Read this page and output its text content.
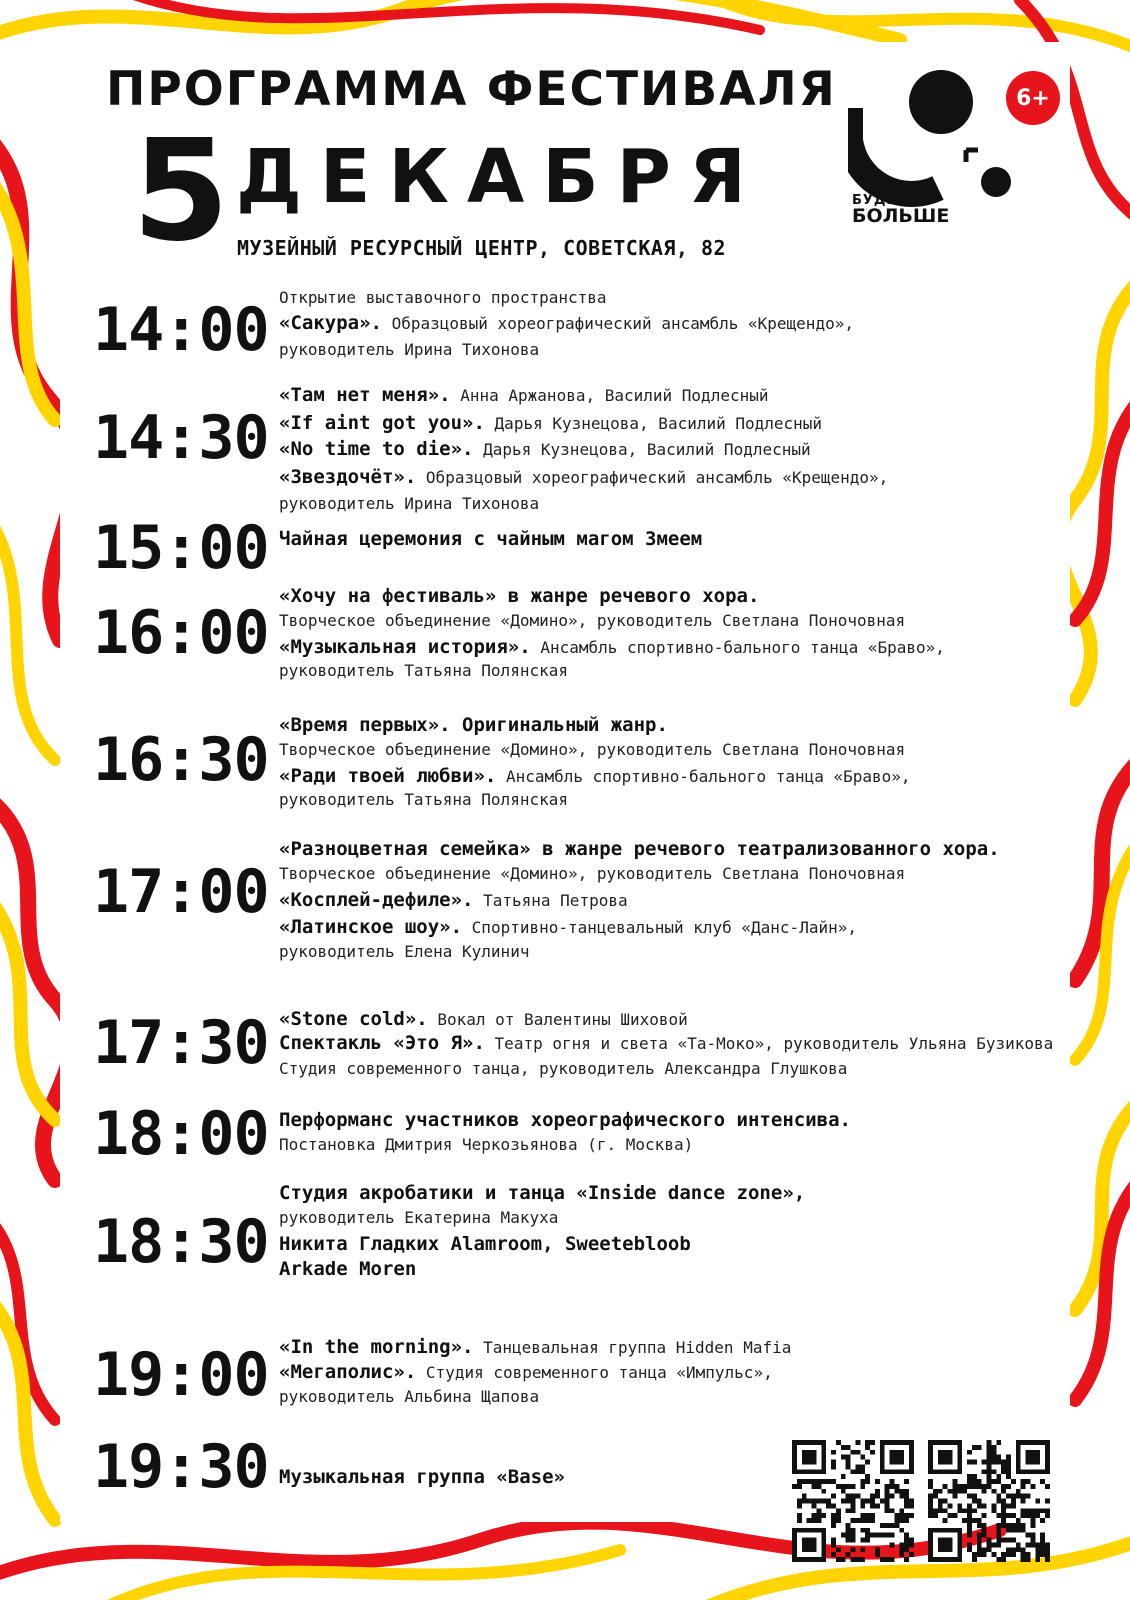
ПРОГРАММА ФЕСТИВАЛЯ
5 ДЕКАБРЯ
МУЗЕЙНЫЙ РЕСУРСНЫЙ ЦЕНТР, СОВЕТСКАЯ, 82
6+
БУДЬ
БОЛЬШЕ
14:00 Открытие выставочного пространства

«Сакура». Образцовый хореографический ансамбль «Крещендо»,

руководитель Ирина Тихонова

14:30

«Там нет меня». Анна Аржанова, Василий Подлесный

«If aint got you». Дарья Кузнецова, Василий Подлесный

«No time to die». Дарья Кузнецова, Василий Подлесный

«Звездочёт». Образцовый хореографический ансамбль «Крещендо»,

руководитель Ирина Тихонова

15:00 Чайная церемония с чайным магом Змеем

16:00

«Хочу на фестиваль» в жанре речевого хора.

Творческое объединение «Домино», руководитель Светлана Поночовная

«Музыкальная история». Ансамбль спортивно-бального танца «Браво»,

руководитель Татьяна Полянская

16:30 «Время первых». Оригинальный жанр.

Творческое объединение «Домино», руководитель Светлана Поночовная

«Ради твоей любви». Ансамбль спортивно-бального танца «Браво»,

руководитель Татьяна Полянская

17:00

«Разноцветная семейка» в жанре речевого театрализованного хора.

Творческое объединение «Домино», руководитель Светлана Поночовная

«Косплей-дефиле». Татьяна Петрова

«Латинское шоу». Спортивно-танцевальный клуб «Данс-Лайн»,

руководитель Елена Кулинич

17:30 «Stone cold». Вокал от Валентины Шиховой

Спектакль «Это Я». Театр огня и света «Та-Моко», руководитель Ульяна Бузикова

Студия современного танца, руководитель Александра Глушкова

18:00 Перформанс участников хореографического интенсива.

Постановка Дмитрия Черкозьянова (г. Москва)

18:30

Студия акробатики и танца «Inside dance zone»,

руководитель Екатерина Макуха

Никита Гладких Alamroom, Sweetebloob

Arkade Moren

19:00 «In the morning». Танцевальная группа Hidden Mafia

«Мегаполис». Студия современного танца «Импульс»,

руководитель Альбина Щапова

19:30 Музыкальная группа «Base»
